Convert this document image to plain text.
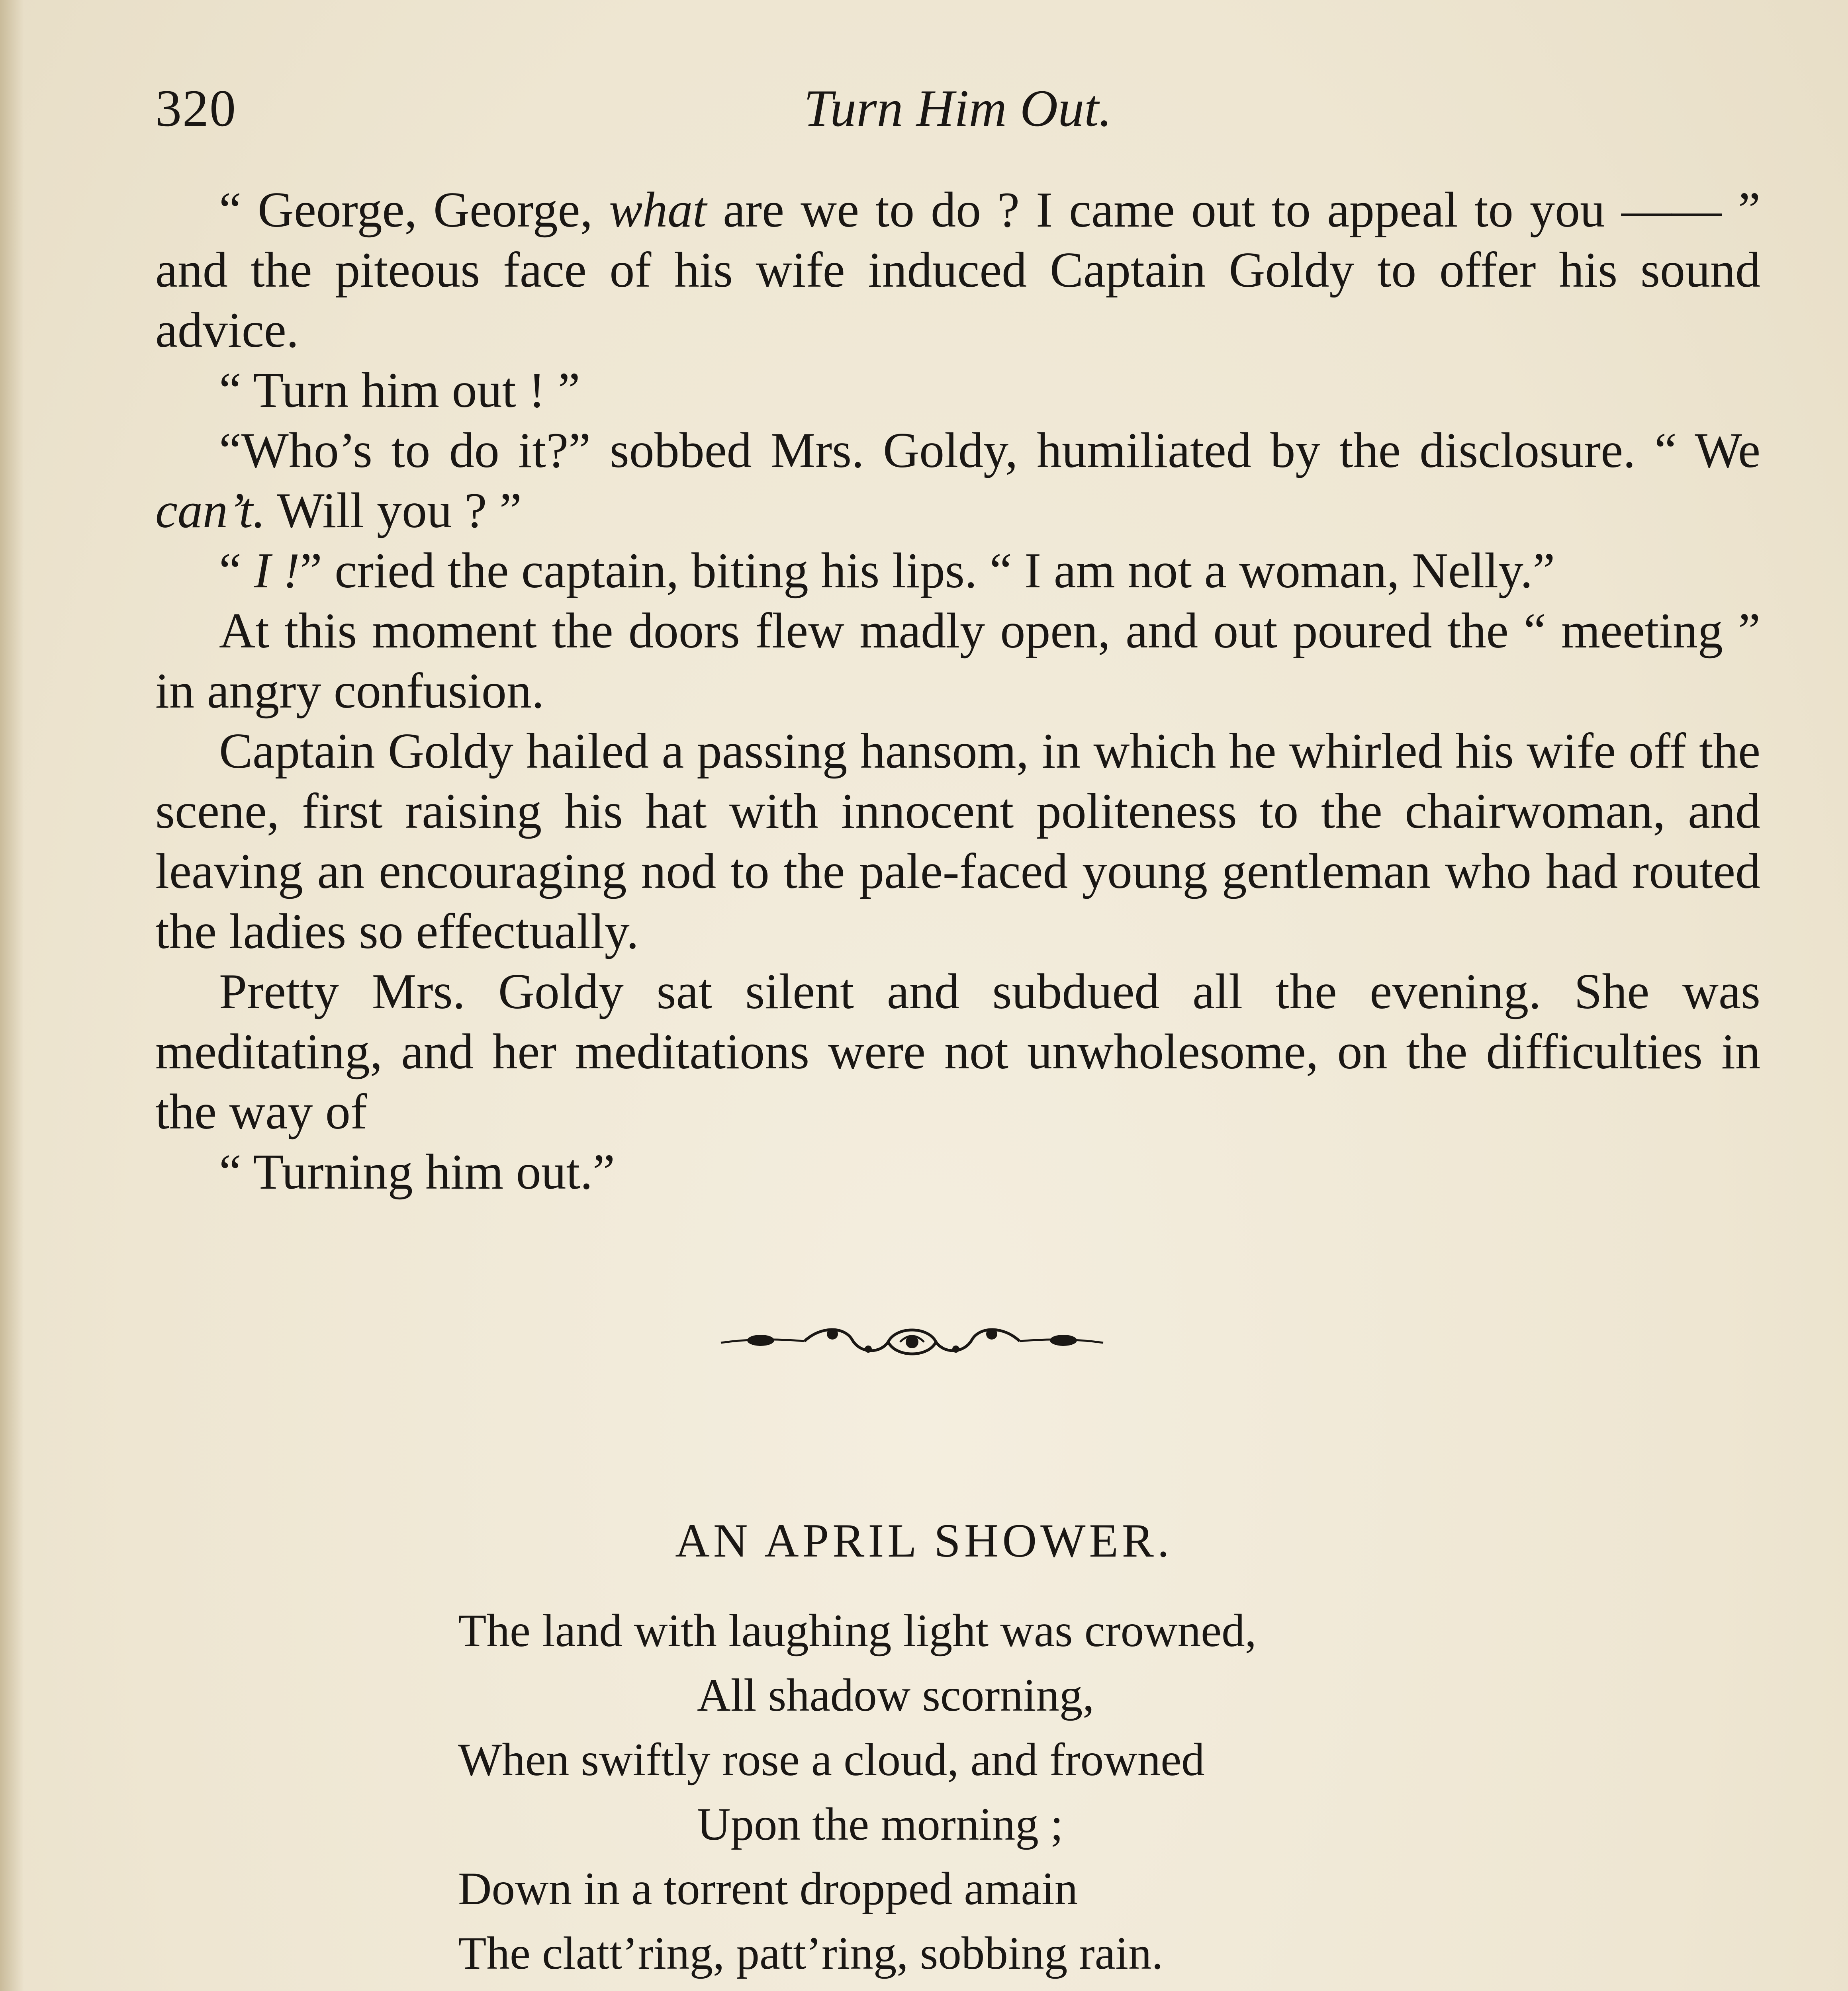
320	Turn Him Out.

“ George, George, what are we to do ? I came out to appeal to you —— ” and the piteous face of his wife induced Captain Goldy to offer his sound advice.

“ Turn him out ! ”

“Who’s to do it?” sobbed Mrs. Goldy, humiliated by the disclosure. “ We can’t. Will you ? ”

“ I !” cried the captain, biting his lips. “ I am not a woman, Nelly.”

At this moment the doors flew madly open, and out poured the “ meeting ” in angry confusion.

Captain Goldy hailed a passing hansom, in which he whirled his wife off the scene, first raising his hat with innocent politeness to the chairwoman, and leaving an encouraging nod to the pale-faced young gentleman who had routed the ladies so effectually.

Pretty Mrs. Goldy sat silent and subdued all the evening. She was meditating, and her meditations were not unwholesome, on the difficulties in the way of

“ Turning him out.”

AN APRIL SHOWER.
The land with laughing light was crowned,
All shadow scorning,
When swiftly rose a cloud, and frowned
Upon the morning ;
Down in a torrent dropped amain
The clatt’ring, patt’ring, sobbing rain.
